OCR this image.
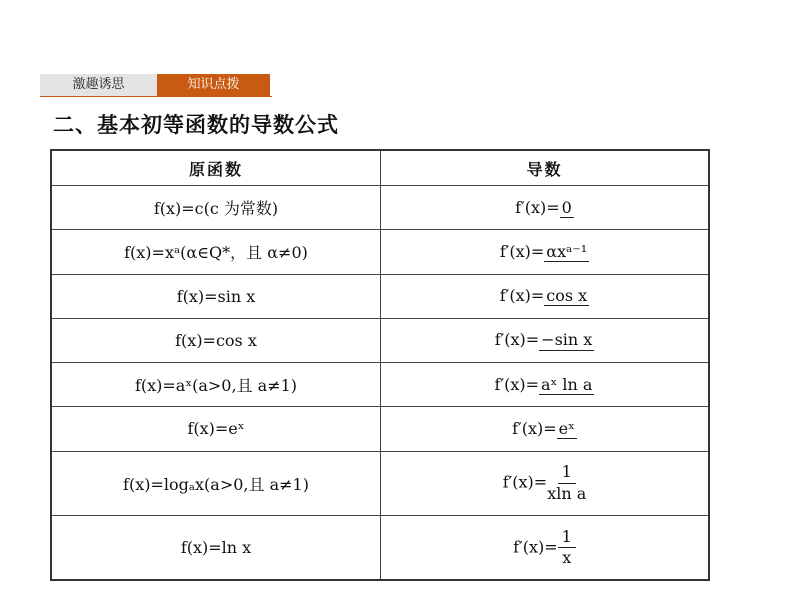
激趣诱思	知识点拨
二、基本初等函数的导数公式
原函数	导数
f(x)=c(c 为常数)	f′(x)= 0
f(x)=xᵃ(α∈Q*，且 α≠0)	f′(x)= αxᵃ⁻¹
f(x)=sin x	f′(x)= cos x
f(x)=cos x	f′(x)= −sin x
f(x)=aˣ(a>0,且 a≠1)	f′(x)= aˣ ln a
f(x)=eˣ	f′(x)= eˣ
f(x)=logₐx(a>0,且 a≠1)	$f'(x)= \frac{1}{\text{xln a}}$

f(x)=ln x	$f'(x)= \frac{1}{x}$
